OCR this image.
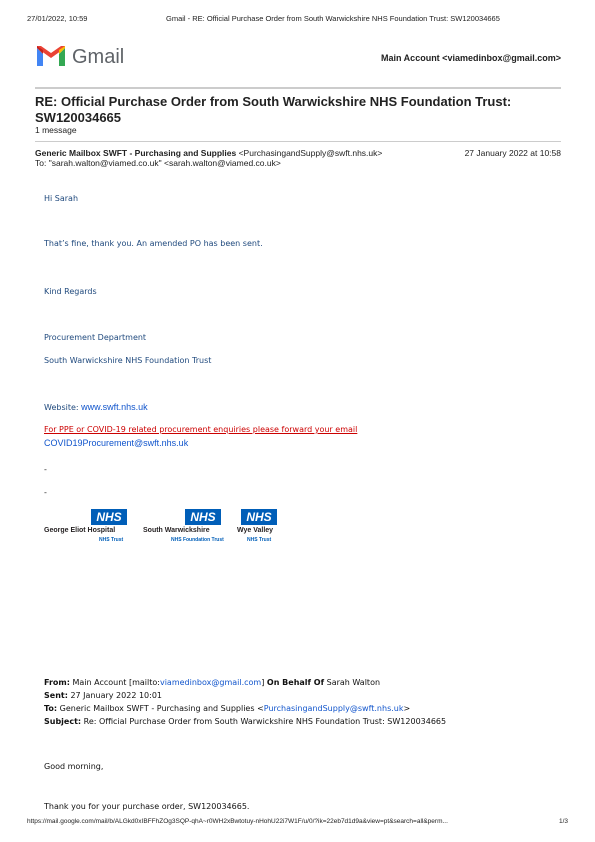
27/01/2022, 10:59	Gmail - RE: Official Purchase Order from South Warwickshire NHS Foundation Trust: SW120034665
Gmail	Main Account <viamedinbox@gmail.com>
RE: Official Purchase Order from South Warwickshire NHS Foundation Trust: SW120034665
1 message
Generic Mailbox SWFT - Purchasing and Supplies <PurchasingandSupply@swft.nhs.uk>	27 January 2022 at 10:58
To: "sarah.walton@viamed.co.uk" <sarah.walton@viamed.co.uk>
Hi Sarah
That’s fine, thank you. An amended PO has been sent.
Kind Regards
Procurement Department
South Warwickshire NHS Foundation Trust
Website: www.swft.nhs.uk
For PPE or COVID-19 related procurement enquiries please forward your email
COVID19Procurement@swft.nhs.uk
-
-
NHS
George Eliot Hospital
NHS Trust
NHS
South Warwickshire
NHS Foundation Trust
NHS
Wye Valley
NHS Trust
From: Main Account [mailto:viamedinbox@gmail.com] On Behalf Of Sarah Walton
Sent: 27 January 2022 10:01
To: Generic Mailbox SWFT - Purchasing and Supplies <PurchasingandSupply@swft.nhs.uk>
Subject: Re: Official Purchase Order from South Warwickshire NHS Foundation Trust: SW120034665
Good morning,
Thank you for your purchase order, SW120034665.
https://mail.google.com/mail/b/ALGkd0xIBFFhZOg3SQP-qhA~r0WH2xBwtotuy-nHohU22i7W1F/u/0/?ik=22eb7d1d9a&view=pt&search=all&perm...	1/3
